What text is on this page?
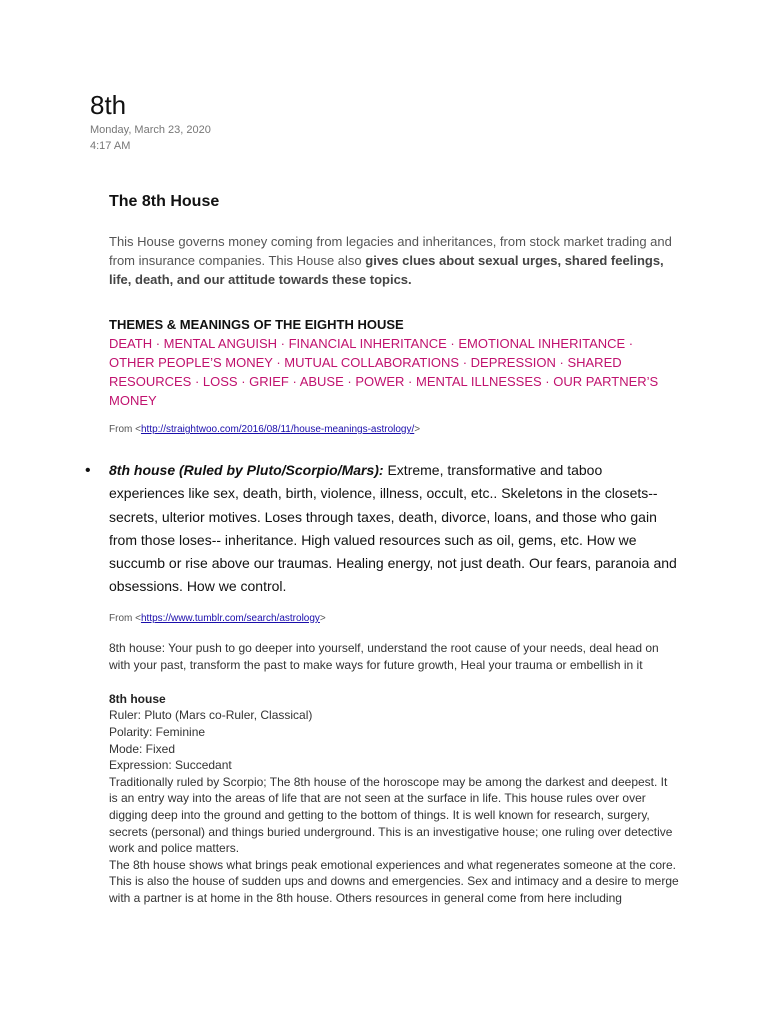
8th
Monday, March 23, 2020
4:17 AM
The 8th House

This House governs money coming from legacies and inheritances, from stock market trading and from insurance companies. This House also gives clues about sexual urges, shared feelings, life, death, and our attitude towards these topics.

THEMES & MEANINGS OF THE EIGHTH HOUSE
DEATH · MENTAL ANGUISH · FINANCIAL INHERITANCE · EMOTIONAL INHERITANCE · OTHER PEOPLE’S MONEY · MUTUAL COLLABORATIONS · DEPRESSION · SHARED RESOURCES · LOSS · GRIEF · ABUSE · POWER · MENTAL ILLNESSES · OUR PARTNER’S MONEY

From <http://straightwoo.com/2016/08/11/house-meanings-astrology/>

• 8th house (Ruled by Pluto/Scorpio/Mars): Extreme, transformative and taboo experiences like sex, death, birth, violence, illness, occult, etc.. Skeletons in the closets-- secrets, ulterior motives. Loses through taxes, death, divorce, loans, and those who gain from those loses-- inheritance. High valued resources such as oil, gems, etc. How we succumb or rise above our traumas. Healing energy, not just death. Our fears, paranoia and obsessions. How we control.

From <https://www.tumblr.com/search/astrology>

8th house: Your push to go deeper into yourself, understand the root cause of your needs, deal head on with your past, transform the past to make ways for future growth, Heal your trauma or embellish in it

8th house
Ruler: Pluto (Mars co-Ruler, Classical)
Polarity: Feminine
Mode: Fixed
Expression: Succedant
Traditionally ruled by Scorpio; The 8th house of the horoscope may be among the darkest and deepest. It is an entry way into the areas of life that are not seen at the surface in life. This house rules over over digging deep into the ground and getting to the bottom of things. It is well known for research, surgery, secrets (personal) and things buried underground. This is an investigative house; one ruling over detective work and police matters.
The 8th house shows what brings peak emotional experiences and what regenerates someone at the core. This is also the house of sudden ups and downs and emergencies. Sex and intimacy and a desire to merge with a partner is at home in the 8th house. Others resources in general come from here including
